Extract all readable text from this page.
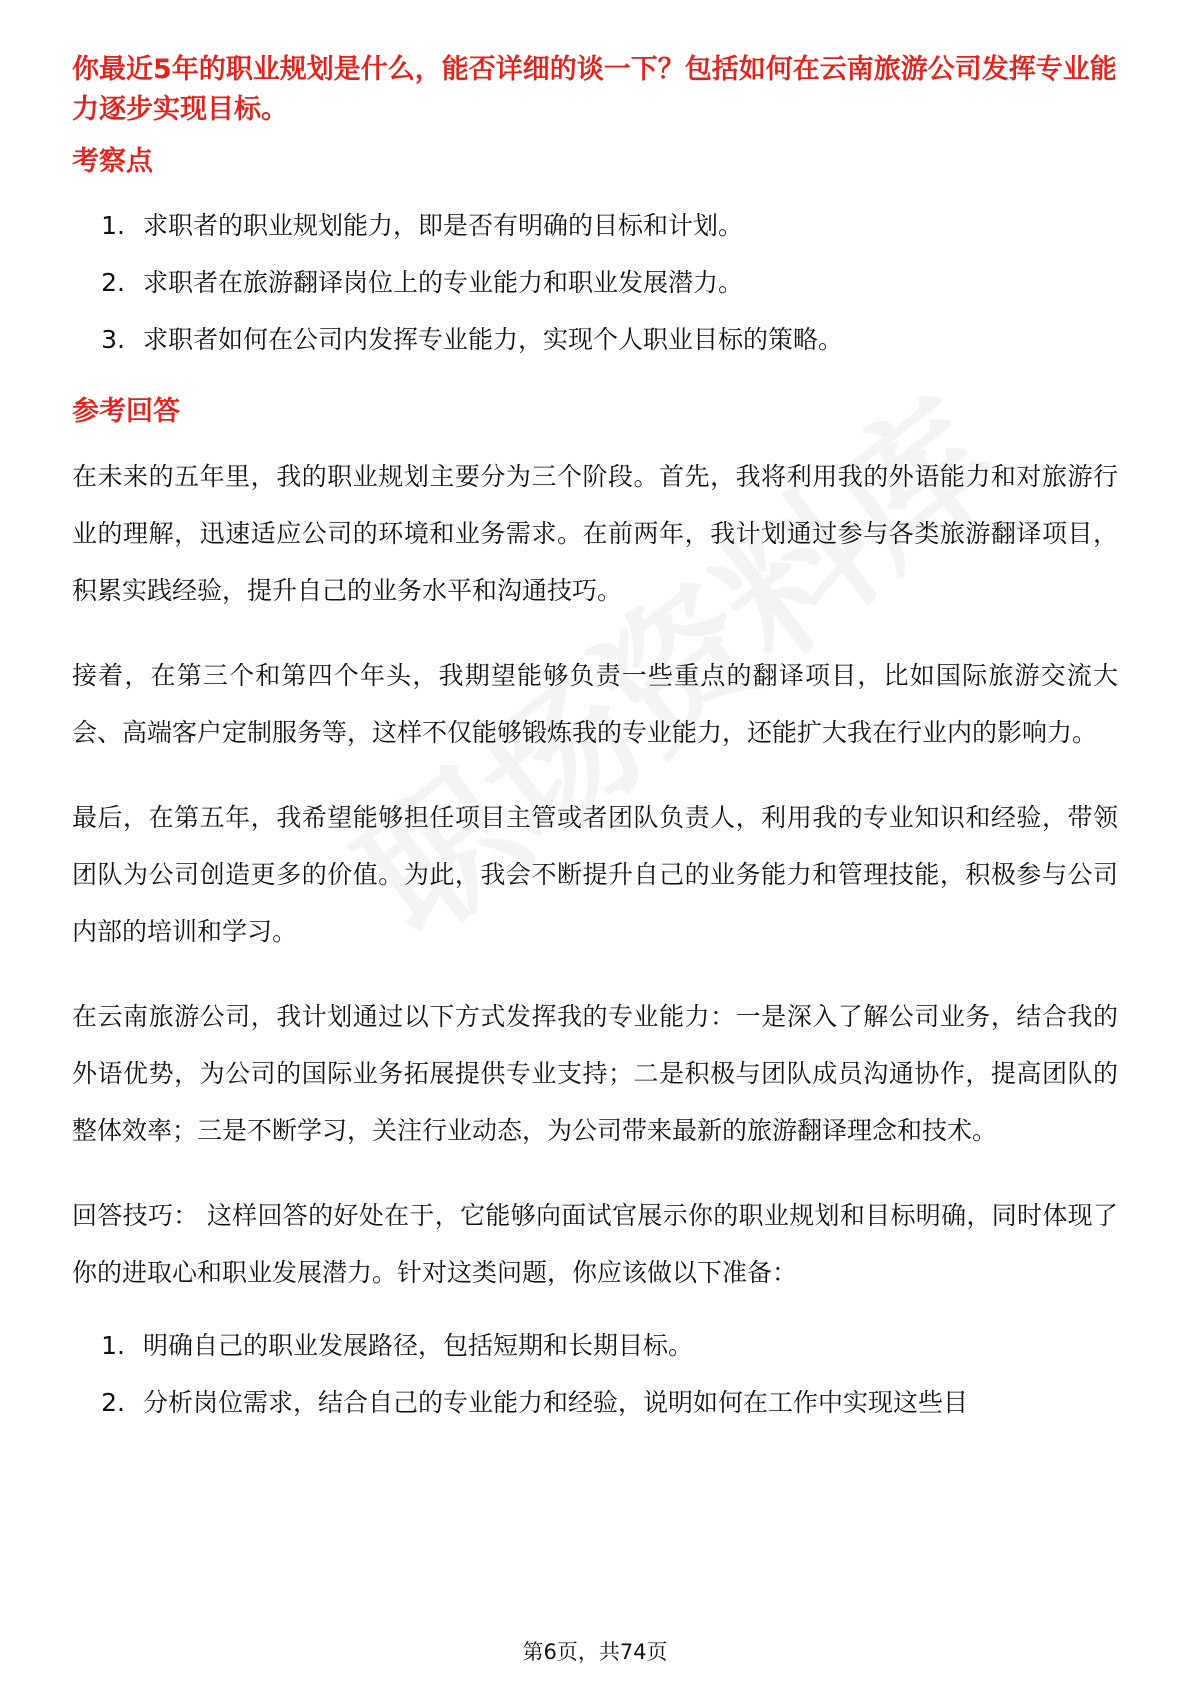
你最近5年的职业规划是什么，能否详细的谈一下？包括如何在云南旅游公司发挥专业能力逐步实现目标。

考察点
1. 求职者的职业规划能力，即是否有明确的目标和计划。
2. 求职者在旅游翻译岗位上的专业能力和职业发展潜力。
3. 求职者如何在公司内发挥专业能力，实现个人职业目标的策略。
参考回答

在未来的五年里，我的职业规划主要分为三个阶段。首先，我将利用我的外语能力和对旅游行业的理解，迅速适应公司的环境和业务需求。在前两年，我计划通过参与各类旅游翻译项目，积累实践经验，提升自己的业务水平和沟通技巧。

接着，在第三个和第四个年头，我期望能够负责一些重点的翻译项目，比如国际旅游交流大会、高端客户定制服务等，这样不仅能够锻炼我的专业能力，还能扩大我在行业内的影响力。

最后，在第五年，我希望能够担任项目主管或者团队负责人，利用我的专业知识和经验，带领团队为公司创造更多的价值。为此，我会不断提升自己的业务能力和管理技能，积极参与公司内部的培训和学习。

在云南旅游公司，我计划通过以下方式发挥我的专业能力：一是深入了解公司业务，结合我的外语优势，为公司的国际业务拓展提供专业支持；二是积极与团队成员沟通协作，提高团队的整体效率；三是不断学习，关注行业动态，为公司带来最新的旅游翻译理念和技术。

回答技巧： 这样回答的好处在于，它能够向面试官展示你的职业规划和目标明确，同时体现了你的进取心和职业发展潜力。针对这类问题，你应该做以下准备：

1. 明确自己的职业发展路径，包括短期和长期目标。
2. 分析岗位需求，结合自己的专业能力和经验，说明如何在工作中实现这些目
第6页，共74页
